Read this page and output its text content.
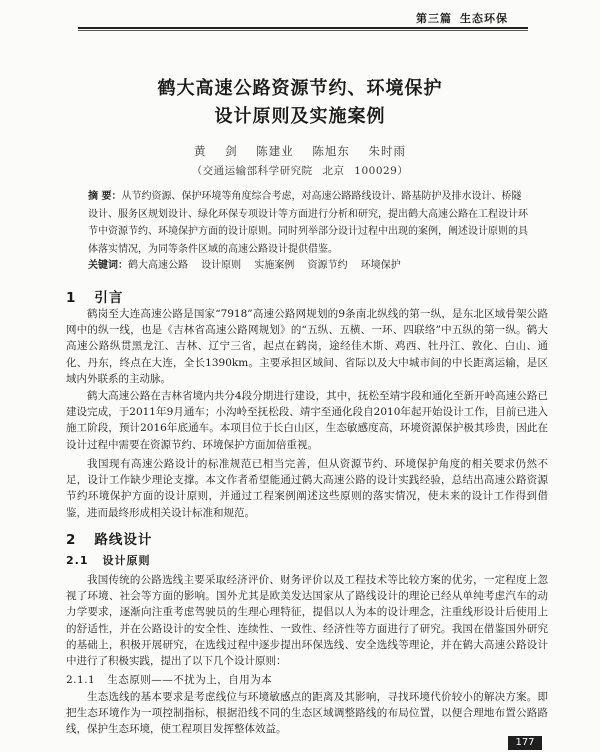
第三篇 生态环保
鹤大高速公路资源节约、环境保护
设计原则及实施案例
黄 剑 陈建业 陈旭东 朱时雨
（交通运输部科学研究院 北京 100029）
摘 要：从节约资源、保护环境等角度综合考虑，对高速公路路线设计、路基防护及排水设计、桥隧设计、服务区规划设计、绿化环保专项设计等方面进行分析和研究，提出鹤大高速公路在工程设计环节中资源节约、环境保护方面的设计原则。同时列举部分设计过程中出现的案例，阐述设计原则的具体落实情况，为同等条件区域的高速公路设计提供借鉴。
关键词：鹤大高速公路 设计原则 实施案例 资源节约 环境保护
1 引言
鹤岗至大连高速公路是国家“7918”高速公路网规划的9条南北纵线的第一纵，是东北区域骨架公路网中的纵一线，也是《吉林省高速公路网规划》的“五纵、五横、一环、四联络”中五纵的第一纵。鹤大高速公路纵贯黑龙江、吉林、辽宁三省，起点在鹤岗，途经佳木斯、鸡西、牡丹江、敦化、白山、通化、丹东，终点在大连，全长1390km。主要承担区域间、省际以及大中城市间的中长距离运输，是区域内外联系的主动脉。
鹤大高速公路在吉林省境内共分4段分期进行建设，其中，抚松至靖宇段和通化至新开岭高速公路已建设完成，于2011年9月通车；小沟岭至抚松段、靖宇至通化段自2010年起开始设计工作，目前已进入施工阶段，预计2016年底通车。本项目位于长白山区，生态敏感度高，环境资源保护极其珍贵，因此在设计过程中需要在资源节约、环境保护方面加倍重视。
我国现有高速公路设计的标准规范已相当完善，但从资源节约、环境保护角度的相关要求仍然不足，设计工作缺少理论支撑。本文作者希望能通过鹤大高速公路的设计实践经验，总结出高速公路资源节约环境保护方面的设计原则，并通过工程案例阐述这些原则的落实情况，使未来的设计工作得到借鉴，进而最终形成相关设计标准和规范。
2 路线设计
2.1 设计原则
我国传统的公路选线主要采取经济评价、财务评价以及工程技术等比较方案的优劣，一定程度上忽视了环境、社会等方面的影响。国外尤其是欧美发达国家从了路线设计的理论已经从单纯考虑汽车的动力学要求，逐渐向注重考虑驾驶员的生理心理特征，提倡以人为本的设计理念，注重线形设计后使用上的舒适性，并在公路设计的安全性、连续性、一致性、经济性等方面进行了研究。我国在借鉴国外研究的基础上，积极开展研究，在选线过程中逐步提出环保选线、安全选线等理论，并在鹤大高速公路设计中进行了积极实践，提出了以下几个设计原则：
2.1.1 生态原则——不扰为上，自用为本
生态选线的基本要求是考虑线位与环境敏感点的距离及其影响，寻找环境代价较小的解决方案。即把生态环境作为一项控制指标，根据沿线不同的生态区域调整路线的布局位置，以便合理地布置公路路线，保护生态环境，使工程项目发挥整体效益。
177
